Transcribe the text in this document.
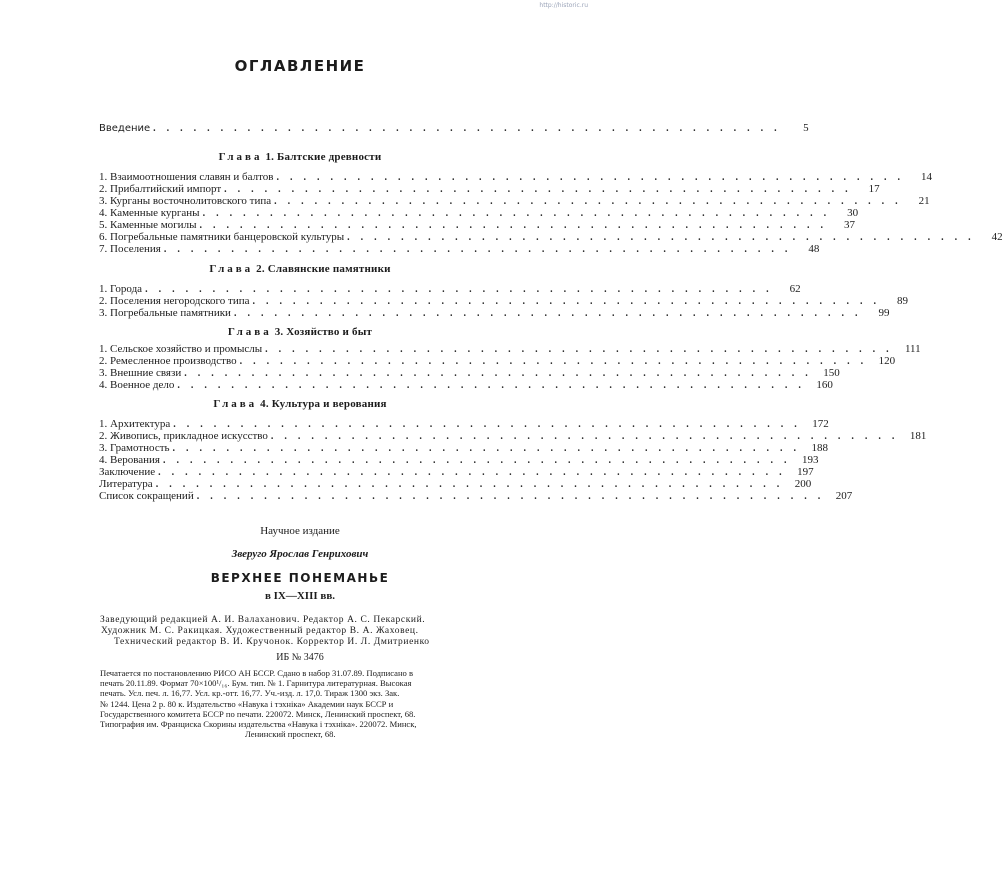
http://historic.ru
ОГЛАВЛЕНИЕ
Введение ...............................................	5
Глава 1. Балтские древности
1. Взаимоотношения славян и балтов ............................................... 14
2. Прибалтийский импорт ............................................... 17
3. Курганы восточнолитовского типа ............................................... 21
4. Каменные курганы ............................................... 30
5. Каменные могилы ............................................... 37
6. Погребальные памятники банцеровской культуры ............................................... 42
7. Поселения ............................................... 48
Глава 2. Славянские памятники
1. Города ............................................... 62
2. Поселения негородского типа ............................................... 89
3. Погребальные памятники ............................................... 99
Глава 3. Хозяйство и быт
1. Сельское хозяйство и промыслы ............................................... 111
2. Ремесленное производство ............................................... 120
3. Внешние связи ............................................... 150
4. Военное дело ............................................... 160
Глава 4. Культура и верования
1. Архитектура ............................................... 172
2. Живопись, прикладное искусство ............................................... 181
3. Грамотность ............................................... 188
4. Верования ............................................... 193
Заключение ............................................... 197
Литература ............................................... 200
Список сокращений ............................................... 207
Научное издание
Зверуго Ярослав Генрихович
ВЕРХНЕЕ ПОНЕМАНЬЕ
в IX—XIII вв.
Заведующий редакцией А. И. Валаханович. Редактор А. С. Пекарский.
Художник М. С. Ракицкая. Художественный редактор В. А. Жаховец.
Технический редактор В. И. Кручонок. Корректор И. Л. Дмитриенко
ИБ № 3476
Печатается по постановлению РИСО АН БССР. Сдано в набор 31.07.89. Подписано в
печать 20.11.89. Формат 70×100¹/₁₆. Бум. тип. № 1. Гарнитура литературная. Высокая
печать. Усл. печ. л. 16,77. Усл. кр.-отт. 16,77. Уч.-изд. л. 17,0. Тираж 1300 экз. Зак.
№ 1244. Цена 2 р. 80 к. Издательство «Навука і тэхніка» Академии наук БССР и
Государственного комитета БССР по печати. 220072. Минск, Ленинский проспект, 68.
Типография им. Франциска Скорины издательства «Навука і тэхніка». 220072. Минск,
Ленинский проспект, 68.
